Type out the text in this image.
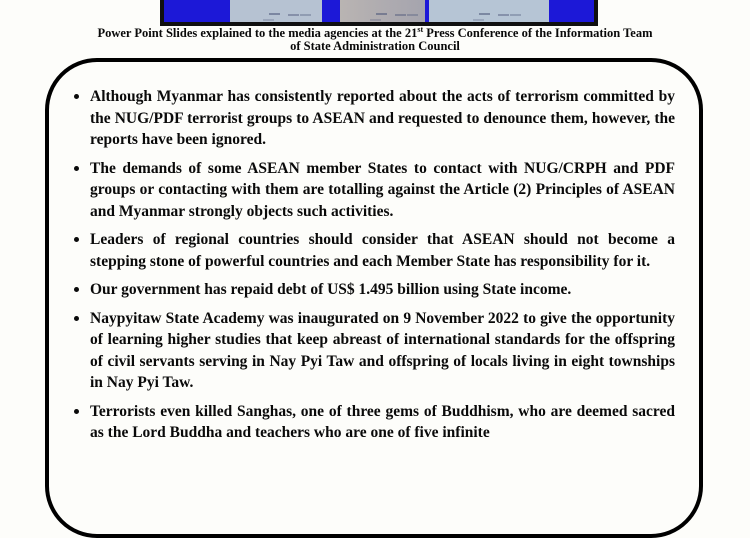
Power Point Slides explained to the media agencies at the 21st Press Conference of the Information Team
of State Administration Council
Although Myanmar has consistently reported about the acts of terrorism committed by the NUG/PDF terrorist groups to ASEAN and requested to denounce them, however, the reports have been ignored.
The demands of some ASEAN member States to contact with NUG/CRPH and PDF groups or contacting with them are totalling against the Article (2) Principles of ASEAN and Myanmar strongly objects such activities.
Leaders of regional countries should consider that ASEAN should not become a stepping stone of powerful countries and each Member State has responsibility for it.
Our government has repaid debt of US$ 1.495 billion using State income.
Naypyitaw State Academy was inaugurated on 9 November 2022 to give the opportunity of learning higher studies that keep abreast of international standards for the offspring of civil servants serving in Nay Pyi Taw and offspring of locals living in eight townships in Nay Pyi Taw.
Terrorists even killed Sanghas, one of three gems of Buddhism, who are deemed sacred as the Lord Buddha and teachers who are one of five infinite
